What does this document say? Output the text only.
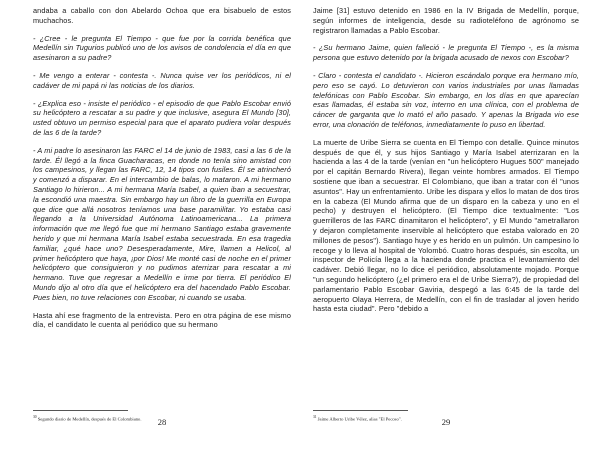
andaba a caballo con don Abelardo Ochoa que era bisabuelo de estos muchachos.

- ¿Cree - le pregunta El Tiempo - que fue por la corrida benéfica que Medellín sin Tugurios publicó uno de los avisos de condolencia el día en que asesinaron a su padre?

- Me vengo a enterar - contesta -. Nunca quise ver los periódicos, ni el cadáver de mi papá ni las noticias de los diarios.

- ¿Explica eso - insiste el periódico - el episodio de que Pablo Escobar envió su helicóptero a rescatar a su padre y que inclusive, asegura El Mundo [30], usted obtuvo un permiso especial para que el aparato pudiera volar después de las 6 de la tarde?

- A mi padre lo asesinaron las FARC el 14 de junio de 1983, casi a las 6 de la tarde. Él llegó a la finca Guacharacas, en donde no tenía sino amistad con los campesinos, y llegan las FARC, 12, 14 tipos con fusiles. Él se atrincheró y comenzó a disparar. En el intercambio de balas, lo mataron. A mi hermano Santiago lo hirieron... A mi hermana María Isabel, a quien iban a secuestrar, la escondió una maestra. Sin embargo hay un libro de la guerrilla en Europa que dice que allá nosotros teníamos una base paramilitar. Yo estaba casi llegando a la Universidad Autónoma Latinoamericana... La primera información que me llegó fue que mi hermano Santiago estaba gravemente herido y que mi hermana María Isabel estaba secuestrada. En esa tragedia familiar, ¿qué hace uno? Desesperadamente, Mire, llamen a Helicol, al primer helicóptero que haya, ¡por Dios! Me monté casi de noche en el primer helicóptero que consiguieron y no pudimos aterrizar para rescatar a mi hermano. Tuve que regresar a Medellín e irme por tierra. El periódico El Mundo dijo al otro día que el helicóptero era del hacendado Pablo Escobar. Pues bien, no tuve relaciones con Escobar, ni cuando se usaba.

Hasta ahí ese fragmento de la entrevista. Pero en otra página de ese mismo día, el candidato le cuenta al periódico que su hermano

$^{30}$ Segundo diario de Medellín, después de El Colombiano.	28

Jaime [31] estuvo detenido en 1986 en la IV Brigada de Medellín, porque, según informes de inteligencia, desde su radioteléfono de agrónomo se registraron llamadas a Pablo Escobar.

- ¿Su hermano Jaime, quien falleció - le pregunta El Tiempo -, es la misma persona que estuvo detenido por la brigada acusado de nexos con Escobar?

- Claro - contesta el candidato -. Hicieron escándalo porque era hermano mío, pero eso se cayó. Lo detuvieron con varios industriales por unas llamadas telefónicas con Pablo Escobar. Sin embargo, en los días en que aparecían esas llamadas, él estaba sin voz, interno en una clínica, con el problema de cáncer de garganta que lo mató el año pasado. Y apenas la Brigada vio ese error, una clonación de teléfonos, inmediatamente lo puso en libertad.

La muerte de Uribe Sierra se cuenta en El Tiempo con detalle. Quince minutos después de que él, y sus hijos Santiago y María Isabel aterrizaran en la hacienda a las 4 de la tarde (venían en "un helicóptero Hugues 500" manejado por el capitán Bernardo Rivera), llegan veinte hombres armados. El Tiempo sostiene que iban a secuestrar. El Colombiano, que iban a tratar con él "unos asuntos". Hay un enfrentamiento. Uribe les dispara y ellos lo matan de dos tiros en la cabeza (El Mundo afirma que de un disparo en la cabeza y uno en el pecho) y destruyen el helicóptero. (El Tiempo dice textualmente: "Los guerrilleros de las FARC dinamitaron el helicóptero", y El Mundo "ametrallaron y dejaron completamente inservible al helicóptero que estaba valorado en 20 millones de pesos"). Santiago huye y es herido en un pulmón. Un campesino lo recoge y lo lleva al hospital de Yolombó. Cuatro horas después, sin escolta, un inspector de Policía llega a la hacienda donde practica el levantamiento del cadáver. Debió llegar, no lo dice el periódico, absolutamente mojado. Porque "un segundo helicóptero (¿el primero era el de Uribe Sierra?), de propiedad del parlamentario Pablo Escobar Gaviria, despegó a las 6:45 de la tarde del aeropuerto Olaya Herrera, de Medellín, con el fin de trasladar al joven herido hasta esta ciudad". Pero "debido a

$^{31}$ Jaime Alberto Uribe Vélez, alias "El Pecoso".	29
